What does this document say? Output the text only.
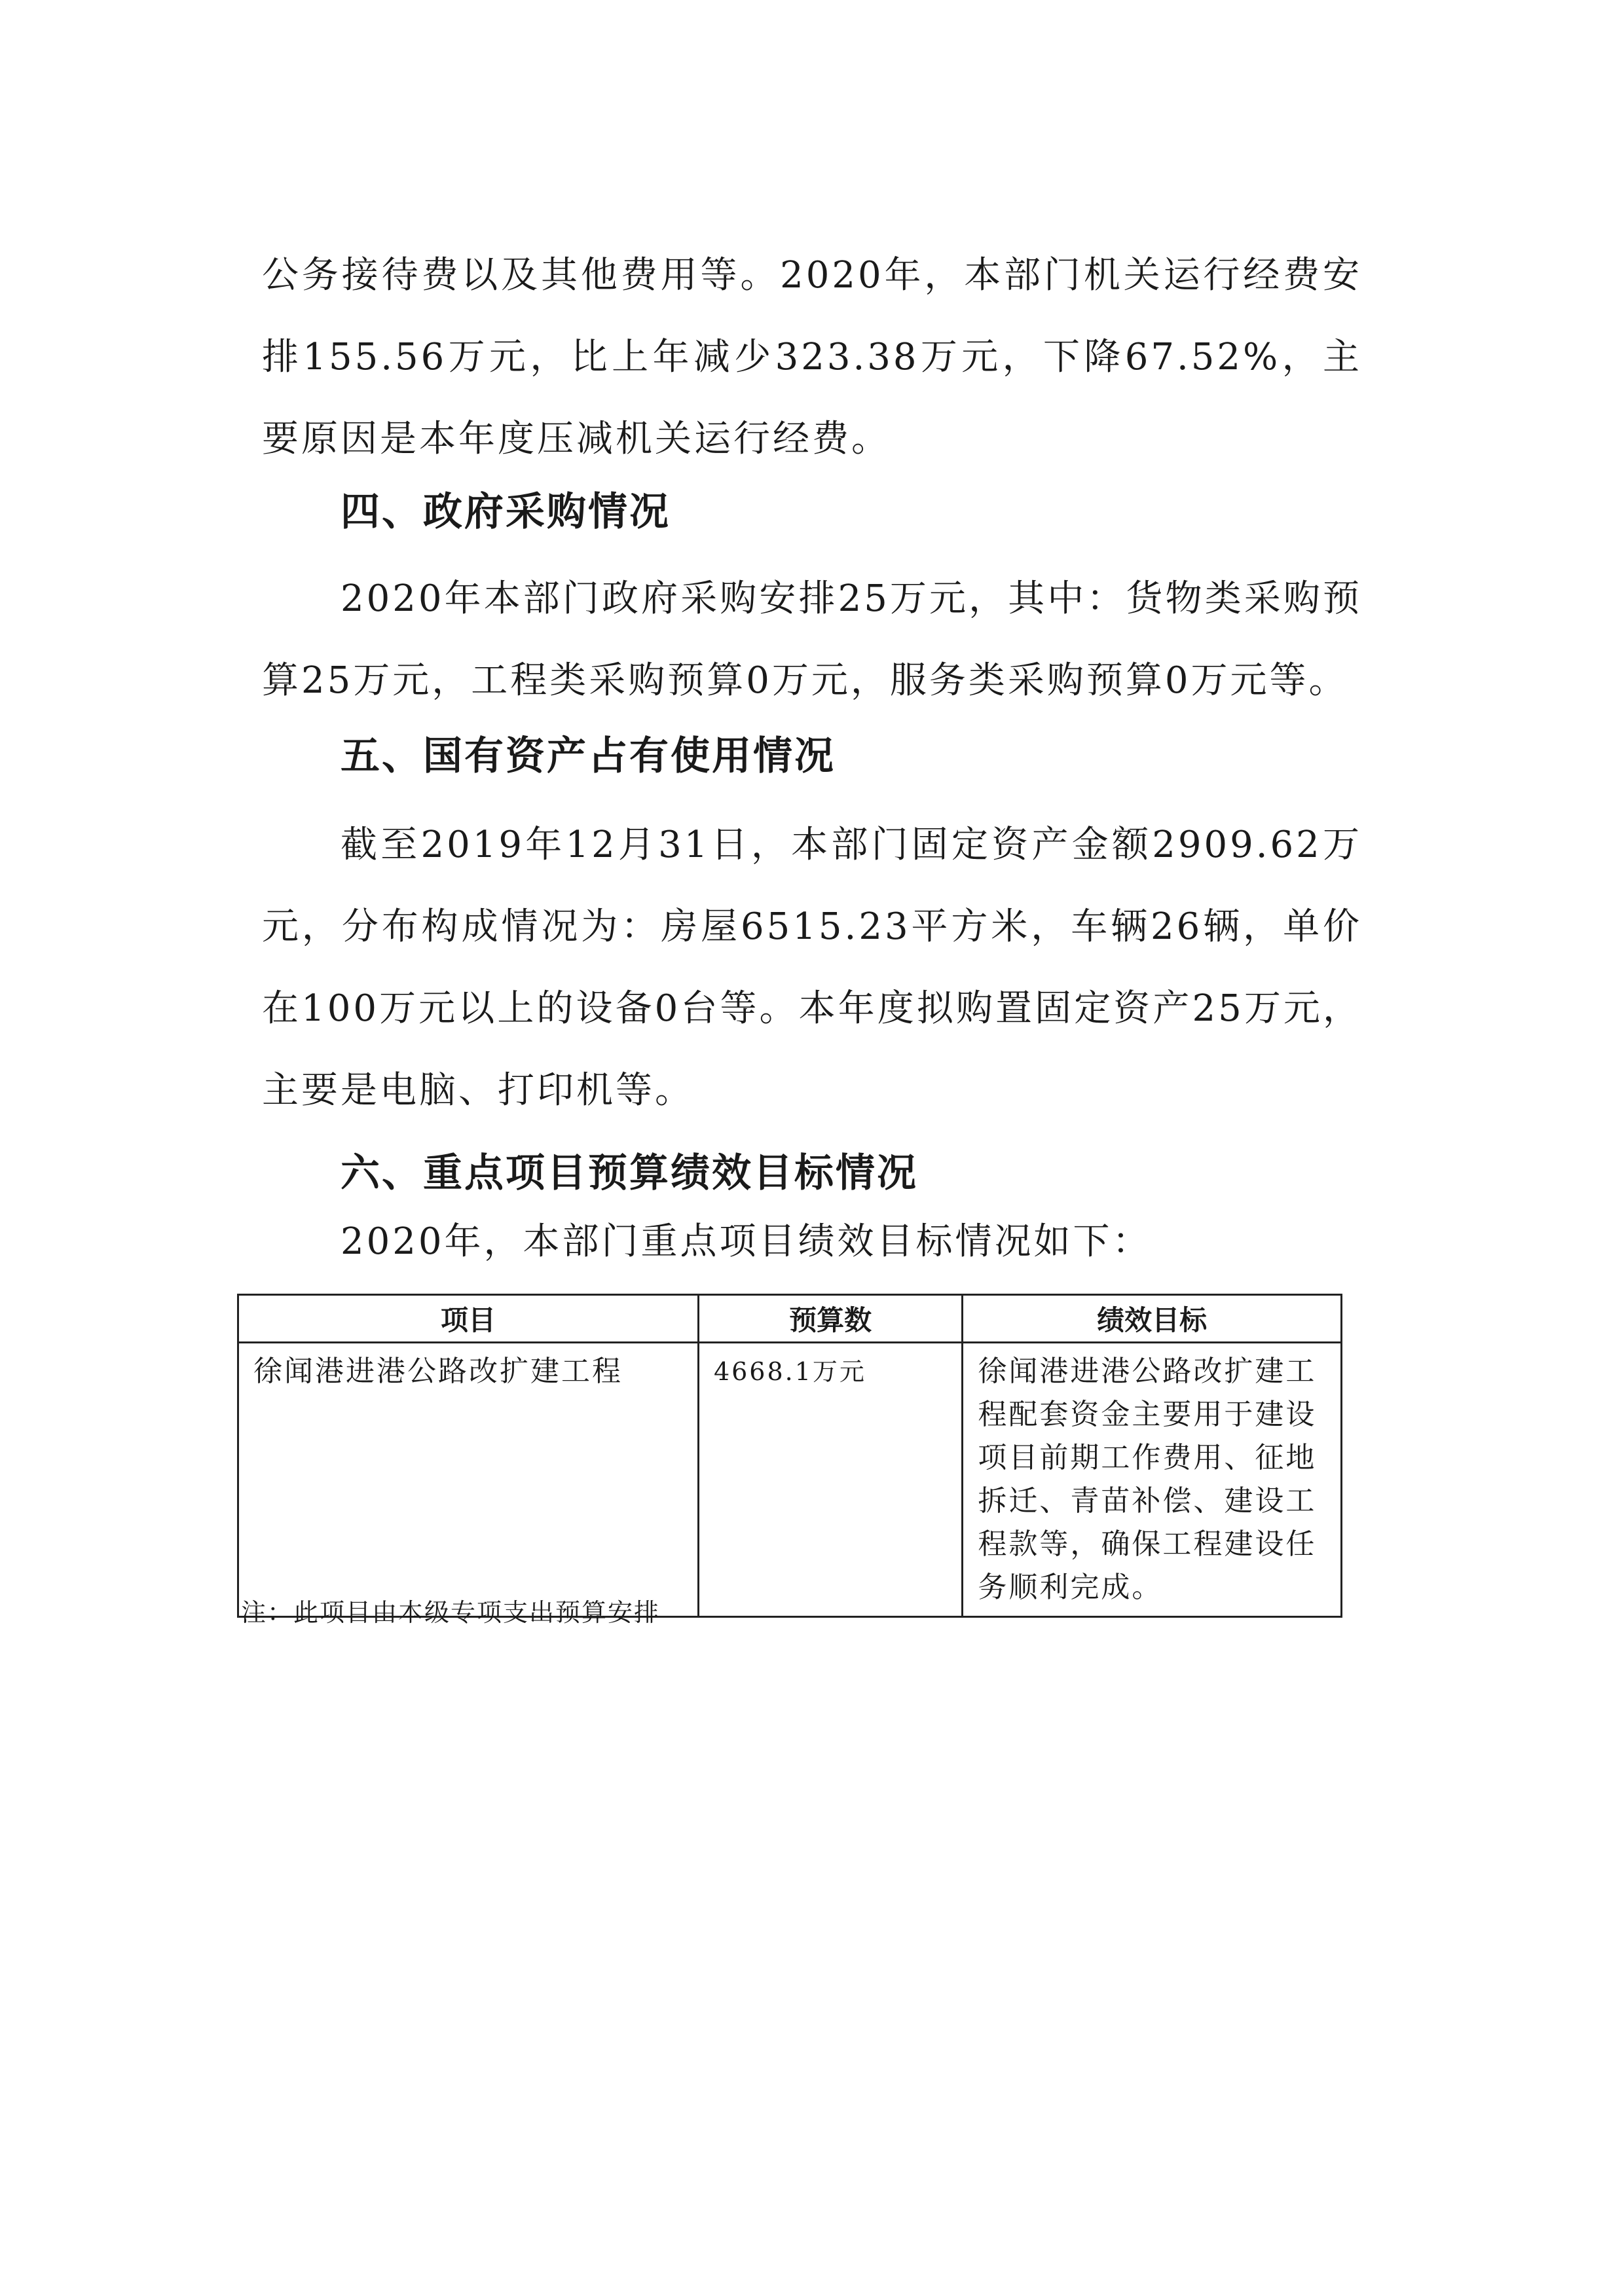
公务接待费以及其他费用等。2020年，本部门机关运行经费安排155.56万元，比上年减少323.38万元，下降67.52%，主要原因是本年度压减机关运行经费。

四、政府采购情况

2020年本部门政府采购安排25万元，其中：货物类采购预算25万元，工程类采购预算0万元，服务类采购预算0万元等。

五、国有资产占有使用情况

截至2019年12月31日，本部门固定资产金额2909.62万元，分布构成情况为：房屋6515.23平方米，车辆26辆，单价在100万元以上的设备0台等。本年度拟购置固定资产25万元，主要是电脑、打印机等。

六、重点项目预算绩效目标情况

2020年，本部门重点项目绩效目标情况如下：

项目	预算数	绩效目标
徐闻港进港公路改扩建工程	4668.1万元	徐闻港进港公路改扩建工程配套资金主要用于建设项目前期工作费用、征地拆迁、青苗补偿、建设工程款等，确保工程建设任务顺利完成。

注：此项目由本级专项支出预算安排
